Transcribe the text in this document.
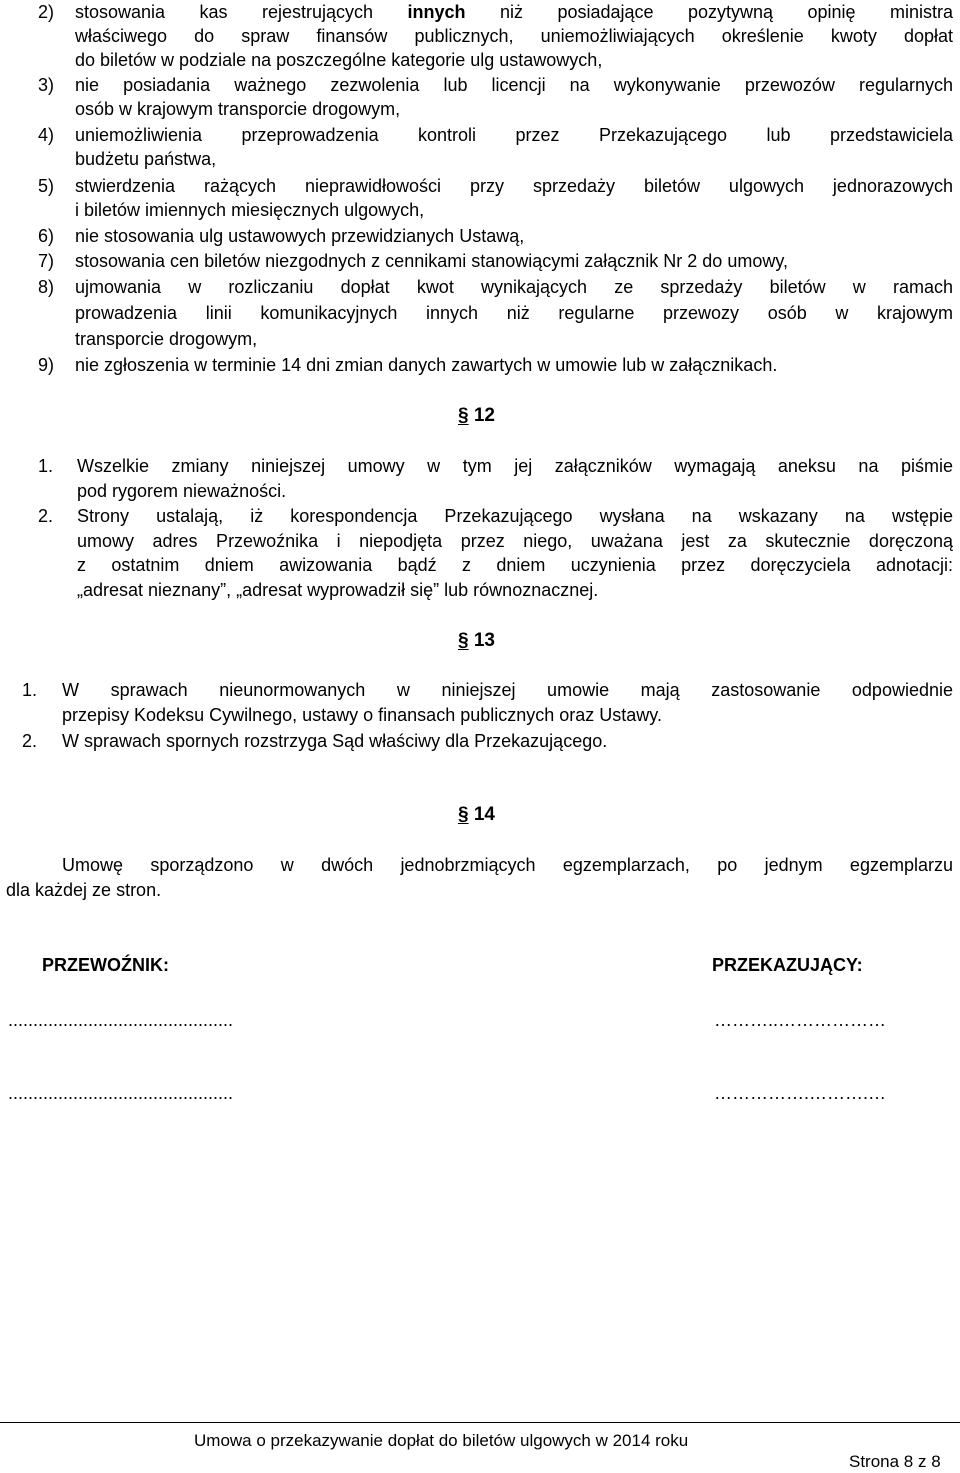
2) stosowania kas rejestrujących innych niż posiadające pozytywną opinię ministra
właściwego do spraw finansów publicznych, uniemożliwiających określenie kwoty dopłat
do biletów w podziale na poszczególne kategorie ulg ustawowych,
3) nie posiadania ważnego zezwolenia lub licencji na wykonywanie przewozów regularnych
osób w krajowym transporcie drogowym,
4) uniemożliwienia przeprowadzenia kontroli przez Przekazującego lub przedstawiciela
budżetu państwa,
5) stwierdzenia rażących nieprawidłowości przy sprzedaży biletów ulgowych jednorazowych
i biletów imiennych miesięcznych ulgowych,
6) nie stosowania ulg ustawowych przewidzianych Ustawą,
7) stosowania cen biletów niezgodnych z cennikami stanowiącymi załącznik Nr 2 do umowy,
8) ujmowania w rozliczaniu dopłat kwot wynikających ze sprzedaży biletów w ramach
prowadzenia linii komunikacyjnych innych niż regularne przewozy osób w krajowym
transporcie drogowym,
9) nie zgłoszenia w terminie 14 dni zmian danych zawartych w umowie lub w załącznikach.
§ 12
1. Wszelkie zmiany niniejszej umowy w tym jej załączników wymagają aneksu na piśmie
pod rygorem nieważności.
2. Strony ustalają, iż korespondencja Przekazującego wysłana na wskazany na wstępie
umowy adres Przewoźnika i niepodjęta przez niego, uważana jest za skutecznie doręczoną
z ostatnim dniem awizowania bądź z dniem uczynienia przez doręczyciela adnotacji:
„adresat nieznany”, „adresat wyprowadził się” lub równoznacznej.
§ 13
1. W sprawach nieunormowanych w niniejszej umowie mają zastosowanie odpowiednie
przepisy Kodeksu Cywilnego, ustawy o finansach publicznych oraz Ustawy.
2. W sprawach spornych rozstrzyga Sąd właściwy dla Przekazującego.
§ 14
Umowę sporządzono w dwóch jednobrzmiących egzemplarzach, po jednym egzemplarzu
dla każdej ze stron.
PRZEWOŹNIK:	PRZEKAZUJĄCY:
.............................................	………..………………
.............................................	…………….……….…
Umowa o przekazywanie dopłat do biletów ulgowych w 2014 roku
Strona 8 z 8
